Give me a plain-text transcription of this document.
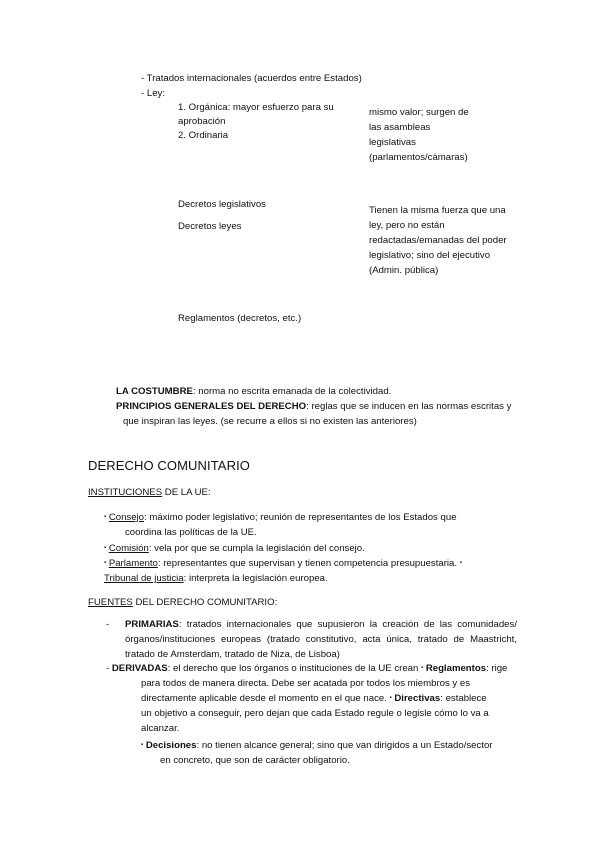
- Tratados internacionales (acuerdos entre Estados)
- Ley:
1. Orgánica: mayor esfuerzo para su
aprobación
2. Ordinaria
mismo valor; surgen de
las asambleas
legislativas
(parlamentos/cámaras)
Decretos legislativos
Decretos leyes
Tienen la misma fuerza que una
ley, pero no están
redactadas/emanadas del poder
legislativo; sino del ejecutivo
(Admin. pública)
Reglamentos (decretos, etc.)
LA COSTUMBRE: norma no escrita emanada de la colectividad.
PRINCIPIOS GENERALES DEL DERECHO: reglas que se inducen en las normas escritas y
que inspiran las leyes. (se recurre a ellos si no existen las anteriores)
DERECHO COMUNITARIO
INSTITUCIONES DE LA UE:
▪ Consejo: máximo poder legislativo; reunión de representantes de los Estados que
coordina las políticas de la UE.
▪ Comisión: vela por que se cumpla la legislación del consejo.
▪ Parlamento: representantes que supervisan y tienen competencia presupuestaria. ▪
Tribunal de justicia: interpreta la legislación europea.
FUENTES DEL DERECHO COMUNITARIO:
- PRIMARIAS: tratados internacionales que supusieron la creación de las comunidades/órganos/instituciones europeas (tratado constitutivo, acta única, tratado de Maastricht, tratado de Amsterdam, tratado de Niza, de Lisboa)
- DERIVADAS: el derecho que los órganos o instituciones de la UE crean ▪ Reglamentos: rige
para todos de manera directa. Debe ser acatada por todos los miembros y es
directamente aplicable desde el momento en el que nace. ▪ Directivas: establece
un objetivo a conseguir, pero dejan que cada Estado regule o legisle cómo lo va a
alcanzar.
▪ Decisiones: no tienen alcance general; sino que van dirigidos a un Estado/sector
en concreto, que son de carácter obligatorio.
